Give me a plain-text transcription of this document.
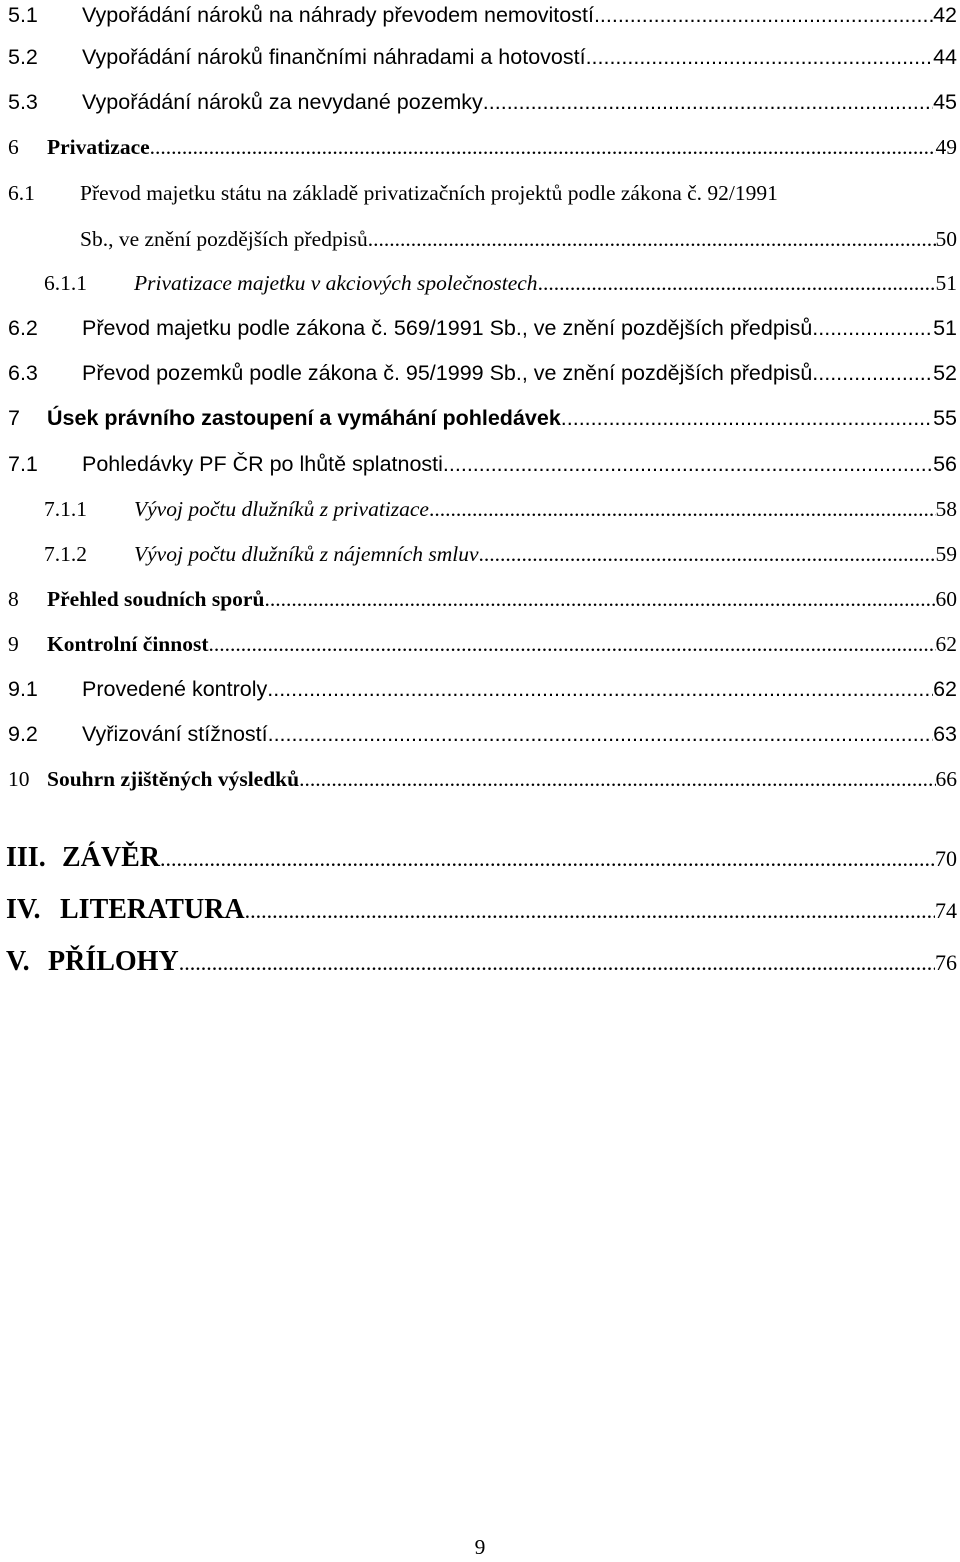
5.1 Vypořádání nároků na náhrady převodem nemovitostí .....	42
5.2 Vypořádání nároků finančními náhradami a hotovostí .....	44
5.3 Vypořádání nároků za nevydané pozemky .....	45
6 Privatizace .....	49
6.1 Převod majetku státu na základě privatizačních projektů podle zákona č. 92/1991
Sb., ve znění pozdějších předpisů .....	50
6.1.1 Privatizace majetku v akciových společnostech .....	51
6.2 Převod majetku podle zákona č. 569/1991 Sb., ve znění pozdějších předpisů .....	51
6.3 Převod pozemků podle zákona č. 95/1999 Sb., ve znění pozdějších předpisů .....	52
7 Úsek právního zastoupení a vymáhání pohledávek .....	55
7.1 Pohledávky PF ČR po lhůtě splatnosti .....	56
7.1.1 Vývoj počtu dlužníků z privatizace .....	58
7.1.2 Vývoj počtu dlužníků z nájemních smluv .....	59
8 Přehled soudních sporů .....	60
9 Kontrolní činnost .....	62
9.1 Provedené kontroly .....	62
9.2 Vyřizování stížností .....	63
10 Souhrn zjištěných výsledků .....	66
III. ZÁVĚR .....	70
IV. LITERATURA .....	74
V. PŘÍLOHY .....	76
9
